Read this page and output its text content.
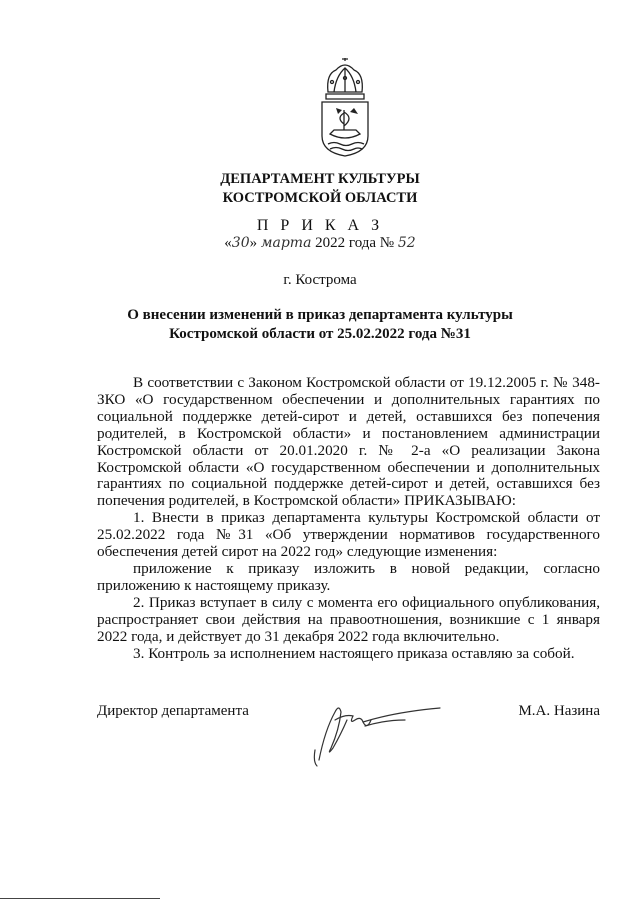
ДЕПАРТАМЕНТ КУЛЬТУРЫ
КОСТРОМСКОЙ ОБЛАСТИ
П Р И К А З
«30» марта 2022 года № 52
г. Кострома
О внесении изменений в приказ департамента культуры
Костромской области от 25.02.2022 года №31

В соответствии с Законом Костромской области от 19.12.2005 г. № 348-ЗКО «О государственном обеспечении и дополнительных гарантиях по социальной поддержке детей-сирот и детей, оставшихся без попечения родителей, в Костромской области» и постановлением администрации Костромской области от 20.01.2020 г. № 2-а «О реализации Закона Костромской области «О государственном обеспечении и дополнительных гарантиях по социальной поддержке детей-сирот и детей, оставшихся без попечения родителей, в Костромской области» ПРИКАЗЫВАЮ:

1. Внести в приказ департамента культуры Костромской области от 25.02.2022 года №31 «Об утверждении нормативов государственного обеспечения детей сирот на 2022 год» следующие изменения:

приложение к приказу изложить в новой редакции, согласно приложению к настоящему приказу.

2. Приказ вступает в силу с момента его официального опубликования, распространяет свои действия на правоотношения, возникшие с 1 января 2022 года, и действует до 31 декабря 2022 года включительно.

3. Контроль за исполнением настоящего приказа оставляю за собой.

Директор департамента	М.А. Назина
